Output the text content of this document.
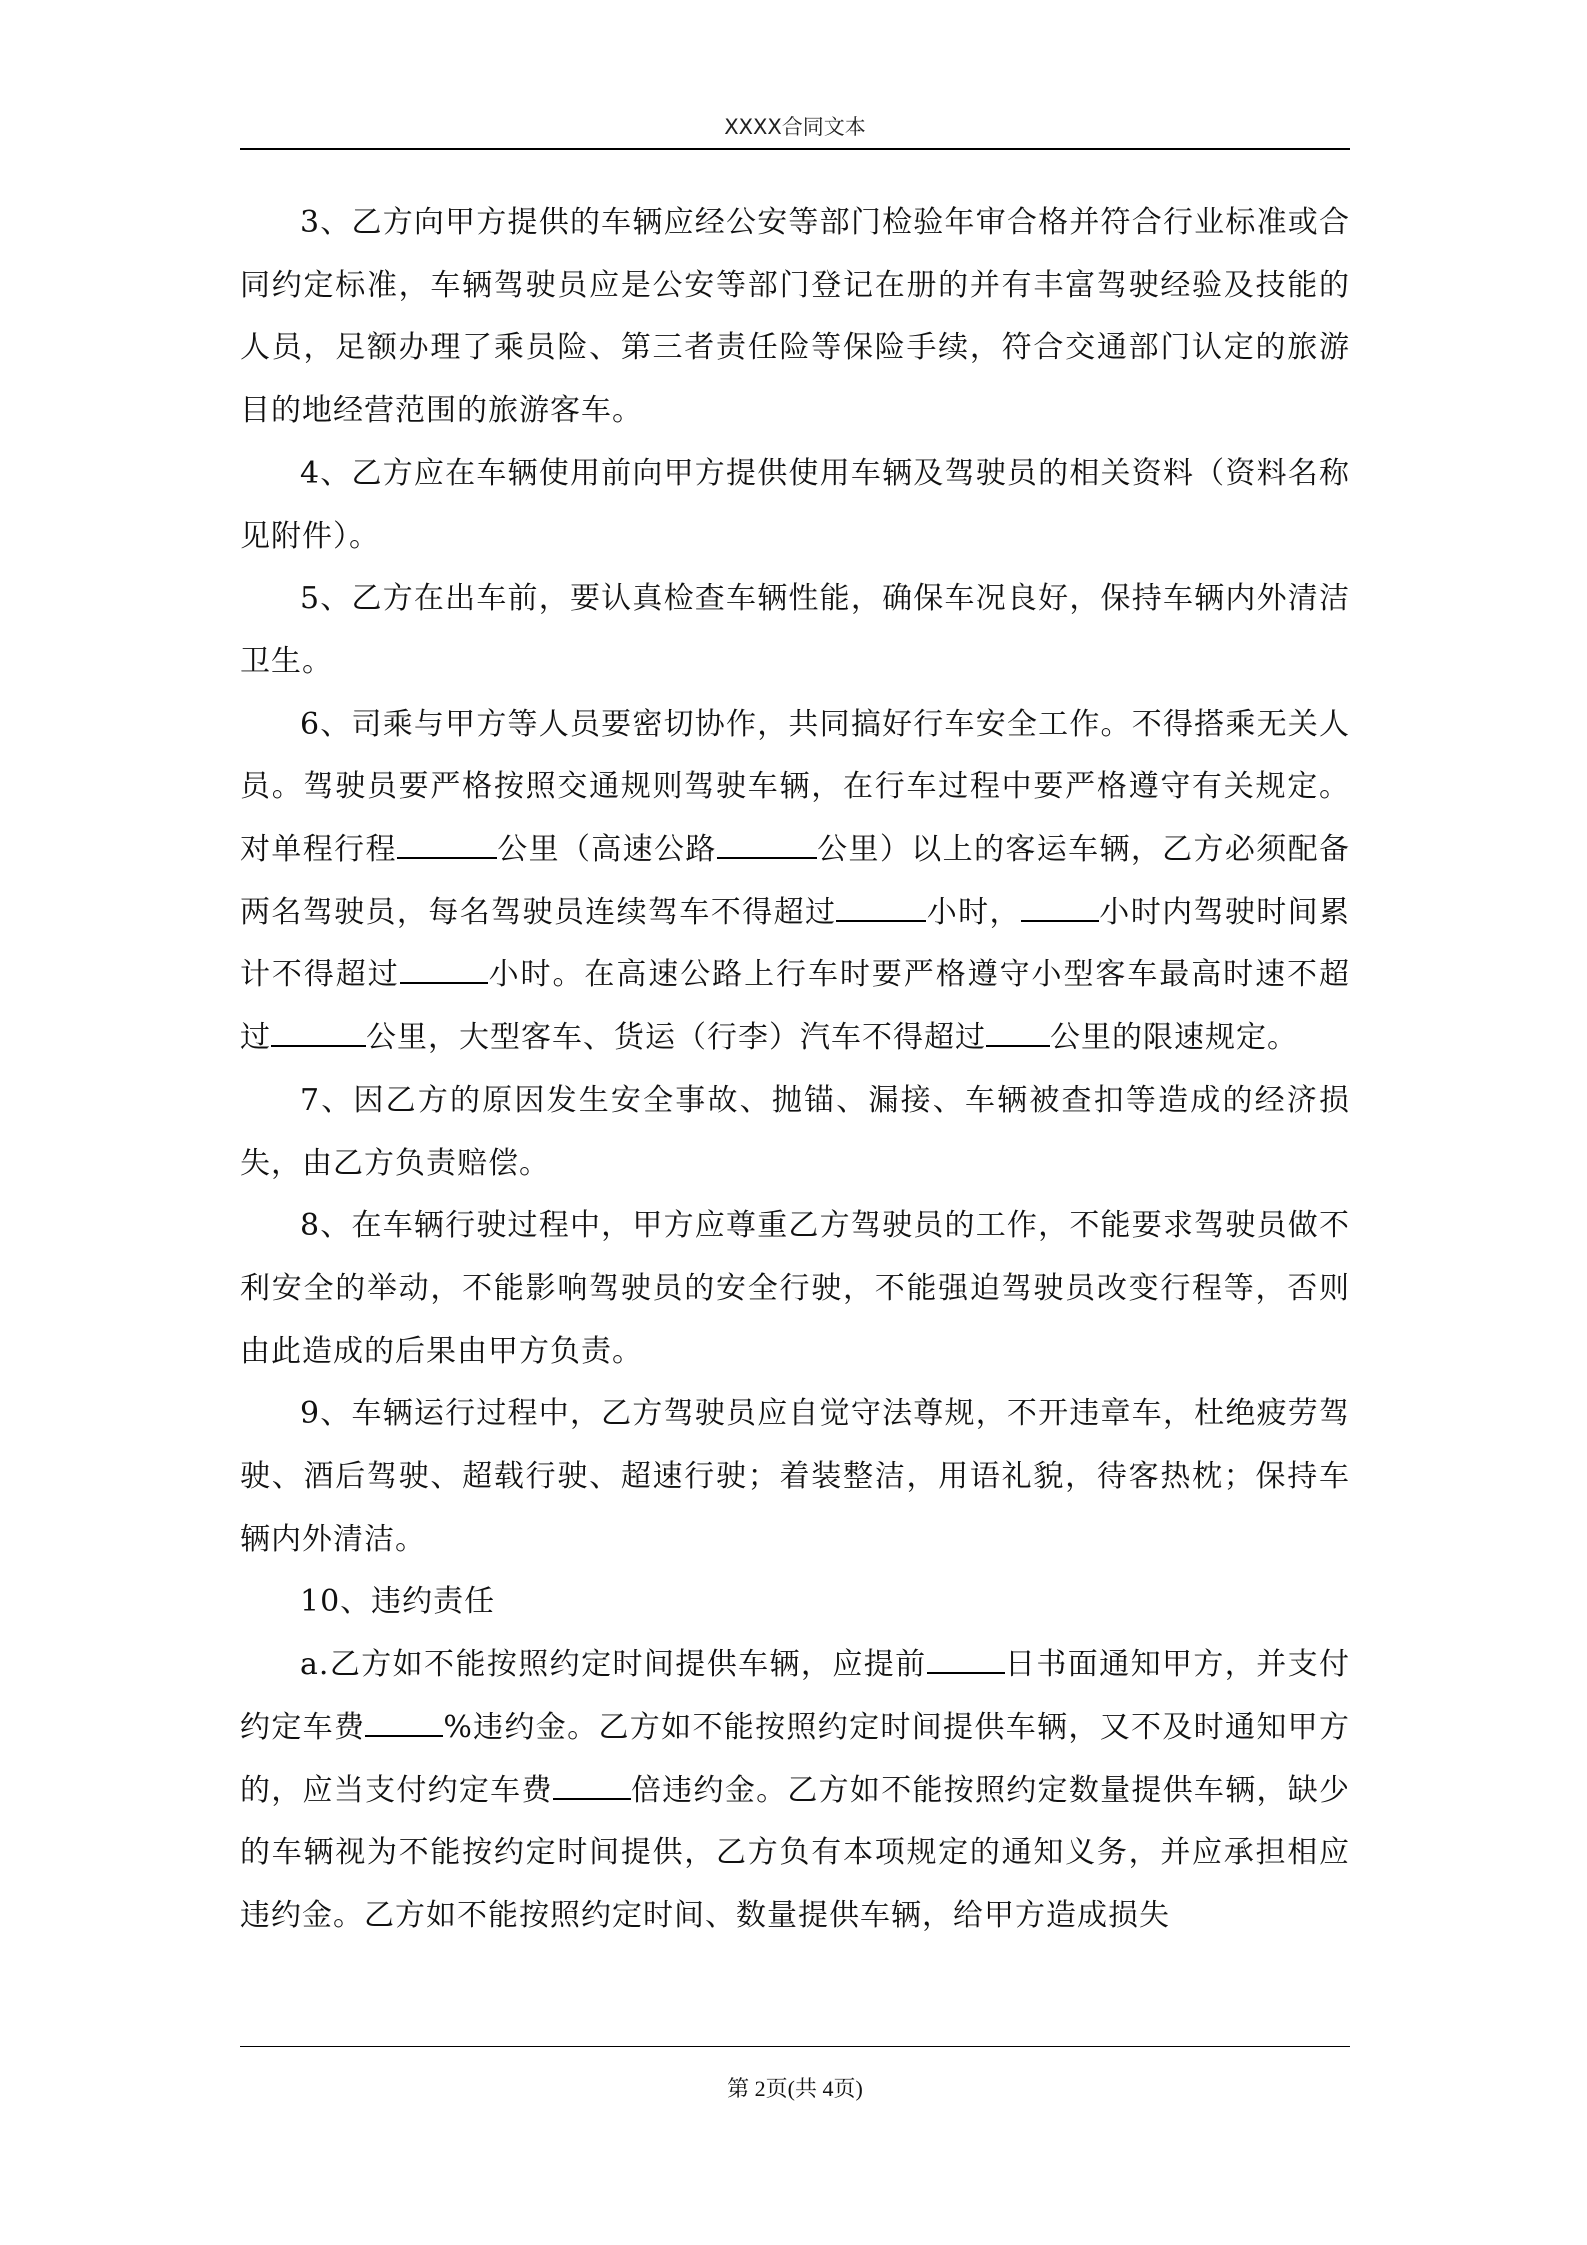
XXXX合同文本

3、乙方向甲方提供的车辆应经公安等部门检验年审合格并符合行业标准或合同约定标准，车辆驾驶员应是公安等部门登记在册的并有丰富驾驶经验及技能的人员，足额办理了乘员险、第三者责任险等保险手续，符合交通部门认定的旅游目的地经营范围的旅游客车。

4、乙方应在车辆使用前向甲方提供使用车辆及驾驶员的相关资料（资料名称见附件）。

5、乙方在出车前，要认真检查车辆性能，确保车况良好，保持车辆内外清洁卫生。

6、司乘与甲方等人员要密切协作，共同搞好行车安全工作。不得搭乘无关人员。驾驶员要严格按照交通规则驾驶车辆，在行车过程中要严格遵守有关规定。对单程行程	公里（高速公路	公里）以上的客运车辆，乙方必须配备两名驾驶员，每名驾驶员连续驾车不得超过	小时，	小时内驾驶时间累计不得超过	小时。在高速公路上行车时要严格遵守小型客车最高时速不超过	公里，大型客车、货运（行李）汽车不得超过 公里的限速规定。

7、因乙方的原因发生安全事故、抛锚、漏接、车辆被查扣等造成的经济损失，由乙方负责赔偿。

8、在车辆行驶过程中，甲方应尊重乙方驾驶员的工作，不能要求驾驶员做不利安全的举动，不能影响驾驶员的安全行驶，不能强迫驾驶员改变行程等，否则由此造成的后果由甲方负责。

9、车辆运行过程中，乙方驾驶员应自觉守法尊规，不开违章车，杜绝疲劳驾驶、酒后驾驶、超载行驶、超速行驶；着装整洁，用语礼貌，待客热枕；保持车辆内外清洁。

10、违约责任

a.乙方如不能按照约定时间提供车辆，应提前	日书面通知甲方，并支付约定车费	%违约金。乙方如不能按照约定时间提供车辆，又不及时通知甲方的，应当支付约定车费	倍违约金。乙方如不能按照约定数量提供车辆，缺少的车辆视为不能按约定时间提供，乙方负有本项规定的通知义务，并应承担相应违约金。乙方如不能按照约定时间、数量提供车辆，给甲方造成损失

第 2页(共 4页)
